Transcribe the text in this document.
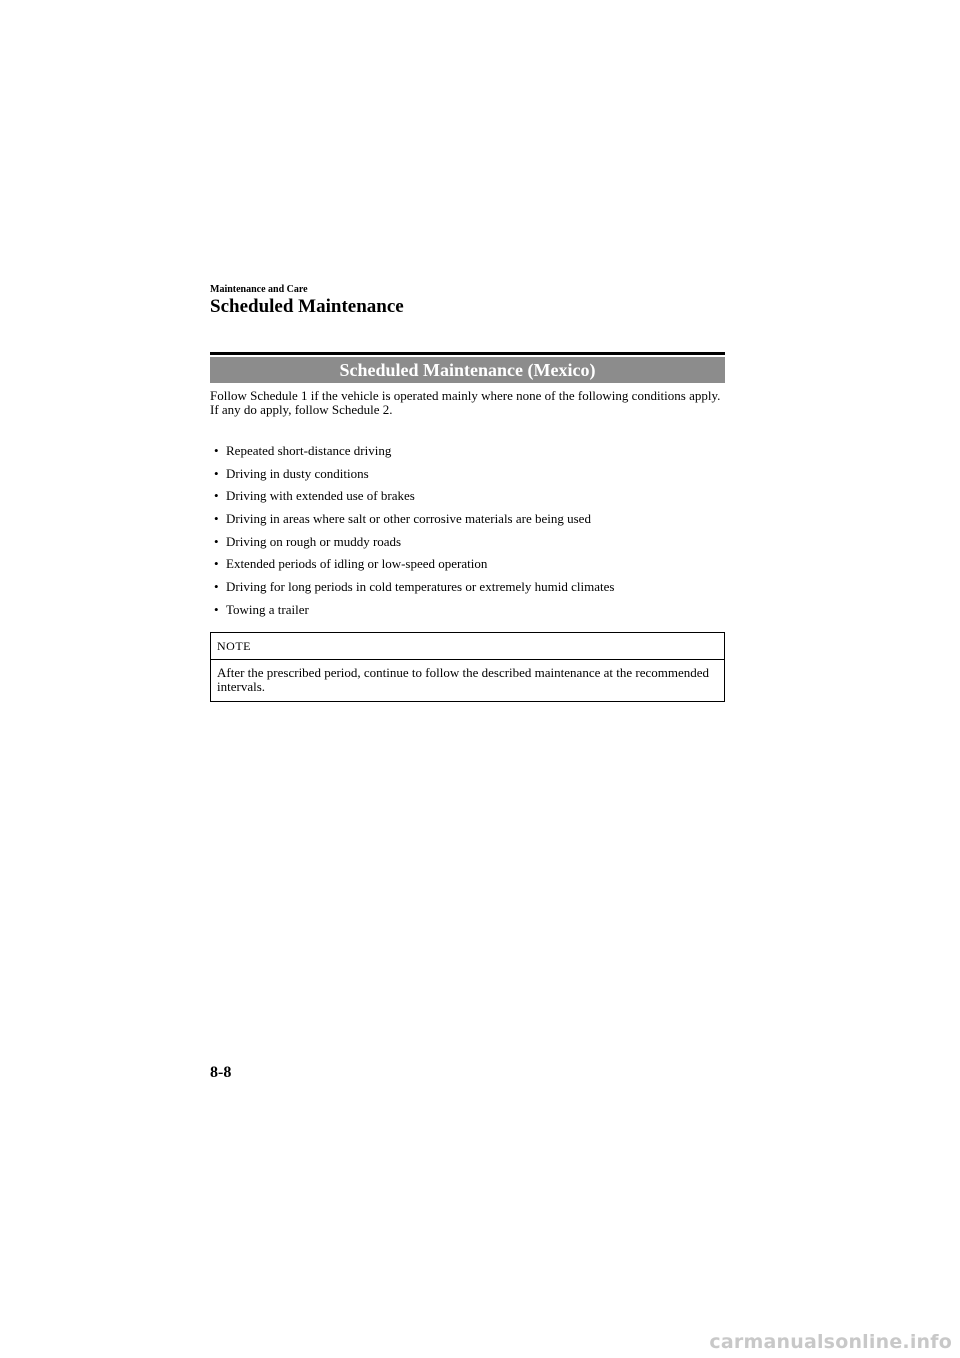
Maintenance and Care
Scheduled Maintenance
Scheduled Maintenance (Mexico)

Follow Schedule 1 if the vehicle is operated mainly where none of the following conditions apply.

If any do apply, follow Schedule 2.

• Repeated short-distance driving
• Driving in dusty conditions
• Driving with extended use of brakes
• Driving in areas where salt or other corrosive materials are being used
• Driving on rough or muddy roads
• Extended periods of idling or low-speed operation
• Driving for long periods in cold temperatures or extremely humid climates
• Towing a trailer
NOTE
After the prescribed period, continue to follow the described maintenance at the recommended intervals.
8-8
carmanualsonline.info
